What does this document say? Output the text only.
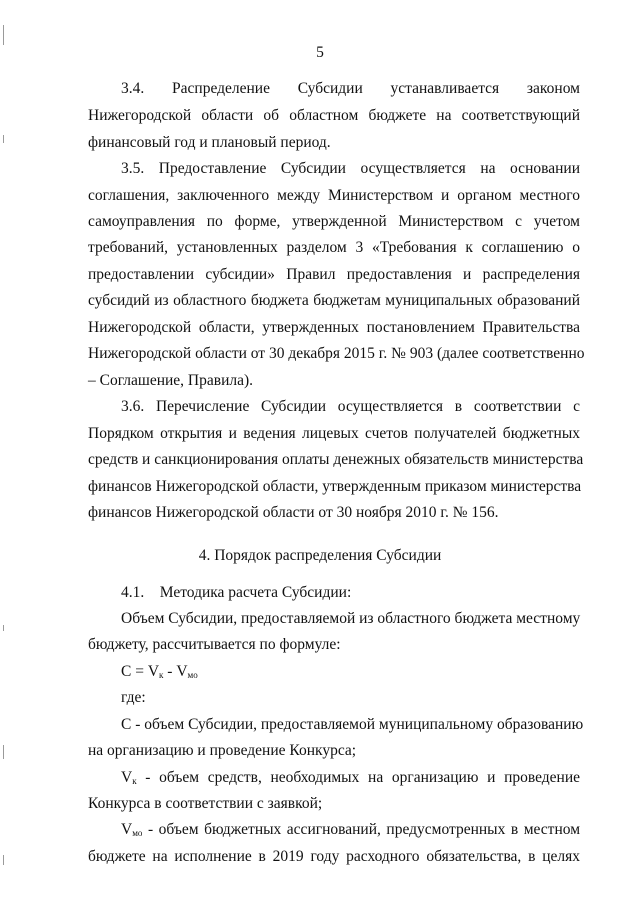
5
3.4. Распределение Субсидии устанавливается законом
Нижегородской области об областном бюджете на соответствующий
финансовый год и плановый период.
3.5. Предоставление Субсидии осуществляется на основании
соглашения, заключенного между Министерством и органом местного
самоуправления по форме, утвержденной Министерством с учетом
требований, установленных разделом 3 «Требования к соглашению о
предоставлении субсидии» Правил предоставления и распределения
субсидий из областного бюджета бюджетам муниципальных образований
Нижегородской области, утвержденных постановлением Правительства
Нижегородской области от 30 декабря 2015 г. № 903 (далее соответственно
– Соглашение, Правила).
3.6. Перечисление Субсидии осуществляется в соответствии с
Порядком открытия и ведения лицевых счетов получателей бюджетных
средств и санкционирования оплаты денежных обязательств министерства
финансов Нижегородской области, утвержденным приказом министерства
финансов Нижегородской области от 30 ноября 2010 г. № 156.
4. Порядок распределения Субсидии
4.1.    Методика расчета Субсидии:
Объем Субсидии, предоставляемой из областного бюджета местному
бюджету, рассчитывается по формуле:
$С = V_к - V_{мо}$
где:
С - объем Субсидии, предоставляемой муниципальному образованию
на организацию и проведение Конкурса;
$V_к$ - объем средств, необходимых на организацию и проведение
Конкурса в соответствии с заявкой;
$V_{мо}$ - объем бюджетных ассигнований, предусмотренных в местном
бюджете на исполнение в 2019 году расходного обязательства, в целях
